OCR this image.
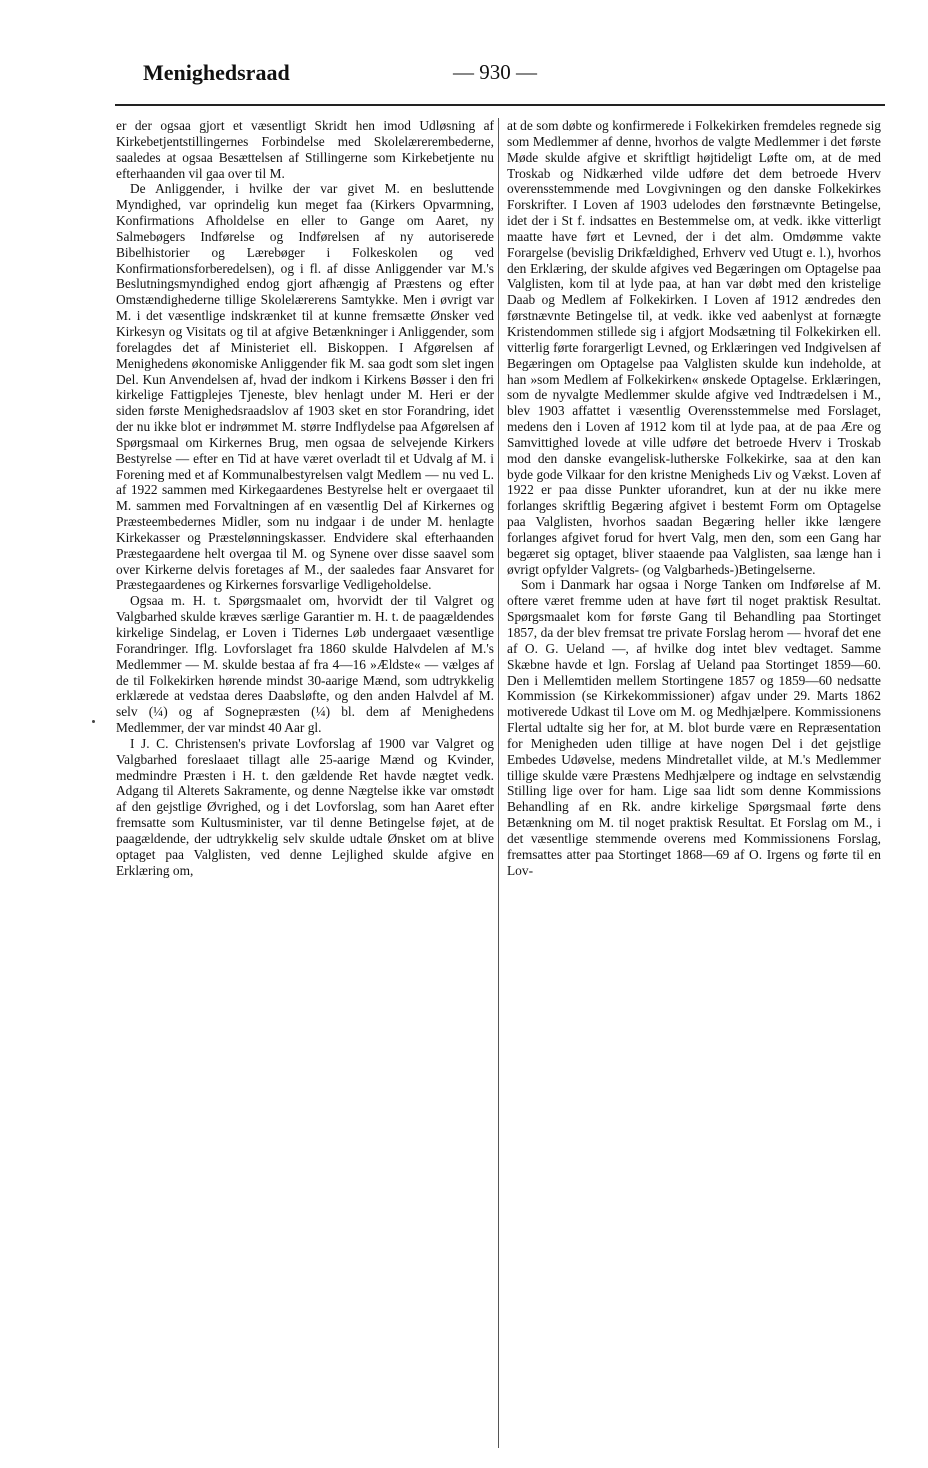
Menighedsraad	— 930 —

er der ogsaa gjort et væsentligt Skridt hen imod Udløsning af Kirkebetjentstillingernes Forbindelse med Skolelærerembederne, saaledes at ogsaa Besættelsen af Stillingerne som Kirkebetjente nu efterhaanden vil gaa over til M.

De Anliggender, i hvilke der var givet M. en besluttende Myndighed, var oprindelig kun meget faa (Kirkers Opvarmning, Konfirmations Afholdelse en eller to Gange om Aaret, ny Salmebøgers Indførelse og Indførelsen af ny autoriserede Bibelhistorier og Lærebøger i Folkeskolen og ved Konfirmationsforberedelsen), og i fl. af disse Anliggender var M.'s Beslutningsmyndighed endog gjort afhængig af Præstens og efter Omstændighederne tillige Skolelærerens Samtykke. Men i øvrigt var M. i det væsentlige indskrænket til at kunne fremsætte Ønsker ved Kirkesyn og Visitats og til at afgive Betænkninger i Anliggender, som forelagdes det af Ministeriet ell. Biskoppen. I Afgørelsen af Menighedens økonomiske Anliggender fik M. saa godt som slet ingen Del. Kun Anvendelsen af, hvad der indkom i Kirkens Bøsser i den fri kirkelige Fattigplejes Tjeneste, blev henlagt under M. Heri er der siden første Menighedsraadslov af 1903 sket en stor Forandring, idet der nu ikke blot er indrømmet M. større Indflydelse paa Afgørelsen af Spørgsmaal om Kirkernes Brug, men ogsaa de selvejende Kirkers Bestyrelse — efter en Tid at have været overladt til et Udvalg af M. i Forening med et af Kommunalbestyrelsen valgt Medlem — nu ved L. af 1922 sammen med Kirkegaardenes Bestyrelse helt er overgaaet til M. sammen med Forvaltningen af en væsentlig Del af Kirkernes og Præsteembedernes Midler, som nu indgaar i de under M. henlagte Kirkekasser og Præstelønningskasser. Endvidere skal efterhaanden Præstegaardene helt overgaa til M. og Synene over disse saavel som over Kirkerne delvis foretages af M., der saaledes faar Ansvaret for Præstegaardenes og Kirkernes forsvarlige Vedligeholdelse.

Ogsaa m. H. t. Spørgsmaalet om, hvorvidt der til Valgret og Valgbarhed skulde kræves særlige Garantier m. H. t. de paagældendes kirkelige Sindelag, er Loven i Tidernes Løb undergaaet væsentlige Forandringer. Iflg. Lovforslaget fra 1860 skulde Halvdelen af M.'s Medlemmer — M. skulde bestaa af fra 4—16 »Ældste« — vælges af de til Folkekirken hørende mindst 30-aarige Mænd, som udtrykkelig erklærede at vedstaa deres Daabsløfte, og den anden Halvdel af M. selv (¼) og af Sognepræsten (¼) bl. dem af Menighedens Medlemmer, der var mindst 40 Aar gl.

I J. C. Christensen's private Lovforslag af 1900 var Valgret og Valgbarhed foreslaaet tillagt alle 25-aarige Mænd og Kvinder, medmindre Præsten i H. t. den gældende Ret havde nægtet vedk. Adgang til Alterets Sakramente, og denne Nægtelse ikke var omstødt af den gejstlige Øvrighed, og i det Lovforslag, som han Aaret efter fremsatte som Kultusminister, var til denne Betingelse føjet, at de paagældende, der udtrykkelig selv skulde udtale Ønsket om at blive optaget paa Valglisten, ved denne Lejlighed skulde afgive en Erklæring om,

at de som døbte og konfirmerede i Folkekirken fremdeles regnede sig som Medlemmer af denne, hvorhos de valgte Medlemmer i det første Møde skulde afgive et skriftligt højtideligt Løfte om, at de med Troskab og Nidkærhed vilde udføre det dem betroede Hverv overensstemmende med Lovgivningen og den danske Folkekirkes Forskrifter. I Loven af 1903 udelodes den førstnævnte Betingelse, idet der i St f. indsattes en Bestemmelse om, at vedk. ikke vitterligt maatte have ført et Levned, der i det alm. Omdømme vakte Forargelse (bevislig Drikfældighed, Erhverv ved Utugt e. l.), hvorhos den Erklæring, der skulde afgives ved Begæringen om Optagelse paa Valglisten, kom til at lyde paa, at han var døbt med den kristelige Daab og Medlem af Folkekirken. I Loven af 1912 ændredes den førstnævnte Betingelse til, at vedk. ikke ved aabenlyst at fornægte Kristendommen stillede sig i afgjort Modsætning til Folkekirken ell. vitterlig førte forargerligt Levned, og Erklæringen ved Indgivelsen af Begæringen om Optagelse paa Valglisten skulde kun indeholde, at han »som Medlem af Folkekirken« ønskede Optagelse. Erklæringen, som de nyvalgte Medlemmer skulde afgive ved Indtrædelsen i M., blev 1903 affattet i væsentlig Overensstemmelse med Forslaget, medens den i Loven af 1912 kom til at lyde paa, at de paa Ære og Samvittighed lovede at ville udføre det betroede Hverv i Troskab mod den danske evangelisk-lutherske Folkekirke, saa at den kan byde gode Vilkaar for den kristne Menigheds Liv og Vækst. Loven af 1922 er paa disse Punkter uforandret, kun at der nu ikke mere forlanges skriftlig Begæring afgivet i bestemt Form om Optagelse paa Valglisten, hvorhos saadan Begæring heller ikke længere forlanges afgivet forud for hvert Valg, men den, som een Gang har begæret sig optaget, bliver staaende paa Valglisten, saa længe han i øvrigt opfylder Valgrets- (og Valgbarheds-)Betingelserne.

Som i Danmark har ogsaa i Norge Tanken om Indførelse af M. oftere været fremme uden at have ført til noget praktisk Resultat. Spørgsmaalet kom for første Gang til Behandling paa Stortinget 1857, da der blev fremsat tre private Forslag herom — hvoraf det ene af O. G. Ueland —, af hvilke dog intet blev vedtaget. Samme Skæbne havde et lgn. Forslag af Ueland paa Stortinget 1859—60. Den i Mellemtiden mellem Stortingene 1857 og 1859—60 nedsatte Kommission (se Kirkekommissioner) afgav under 29. Marts 1862 motiverede Udkast til Love om M. og Medhjælpere. Kommissionens Flertal udtalte sig her for, at M. blot burde være en Repræsentation for Menigheden uden tillige at have nogen Del i det gejstlige Embedes Udøvelse, medens Mindretallet vilde, at M.'s Medlemmer tillige skulde være Præstens Medhjælpere og indtage en selvstændig Stilling lige over for ham. Lige saa lidt som denne Kommissions Behandling af en Rk. andre kirkelige Spørgsmaal førte dens Betænkning om M. til noget praktisk Resultat. Et Forslag om M., i det væsentlige stemmende overens med Kommissionens Forslag, fremsattes atter paa Stortinget 1868—69 af O. Irgens og førte til en Lov-
